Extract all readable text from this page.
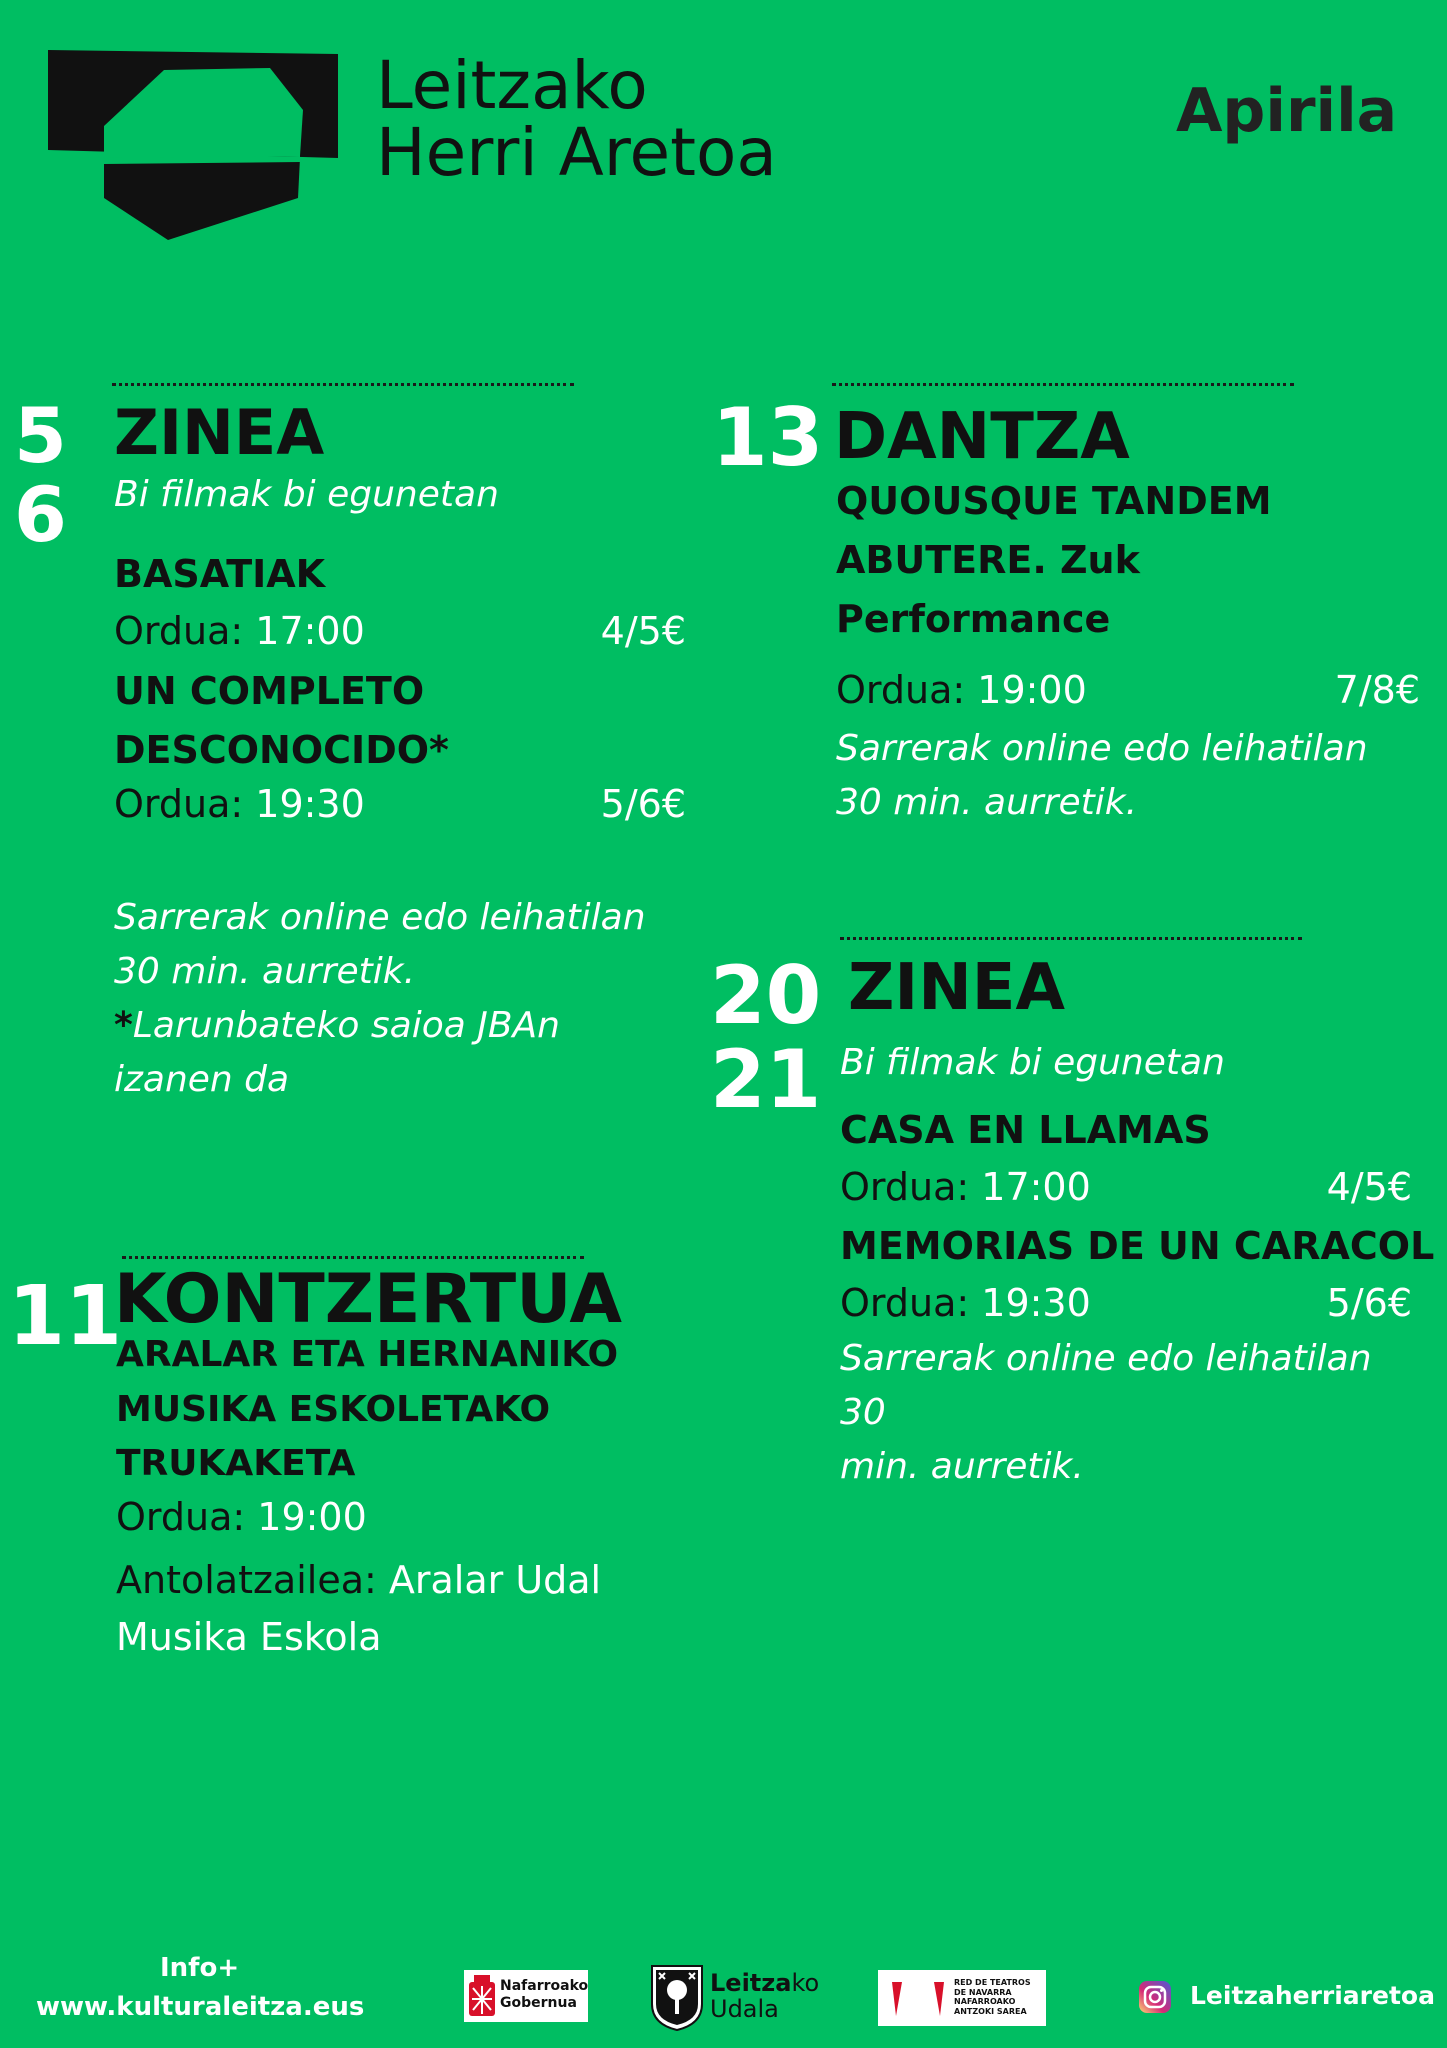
Leitzako
Herri Aretoa
Apirila
5
6
ZINEA
Bi filmak bi egunetan
BASATIAK
Ordua: 17:00	4/5€
UN COMPLETO
DESCONOCIDO*
Ordua: 19:30	5/6€
Sarrerak online edo leihatilan
30 min. aurretik.
*Larunbateko saioa JBAn
izanen da
13 DANTZA
QUOUSQUE TANDEM
ABUTERE. Zuk
Performance
Ordua: 19:00	7/8€
Sarrerak online edo leihatilan
30 min. aurretik.
20
21
ZINEA
Bi filmak bi egunetan
CASA EN LLAMAS
Ordua: 17:00	4/5€
MEMORIAS DE UN CARACOL
Ordua: 19:30	5/6€
Sarrerak online edo leihatilan 30
min. aurretik.
11
KONTZERTUA
ARALAR ETA HERNANIKO
MUSIKA ESKOLETAKO
TRUKAKETA
Ordua: 19:00
Antolatzailea: Aralar Udal
Musika Eskola
Info+
www.kulturaleitza.eus
Nafarroako
Gobernua
Leitzako
Udala
RED DE TEATROS
DE NAVARRA
NAFARROAKO
ANTZOKI SAREA
Leitzaherriaretoa
